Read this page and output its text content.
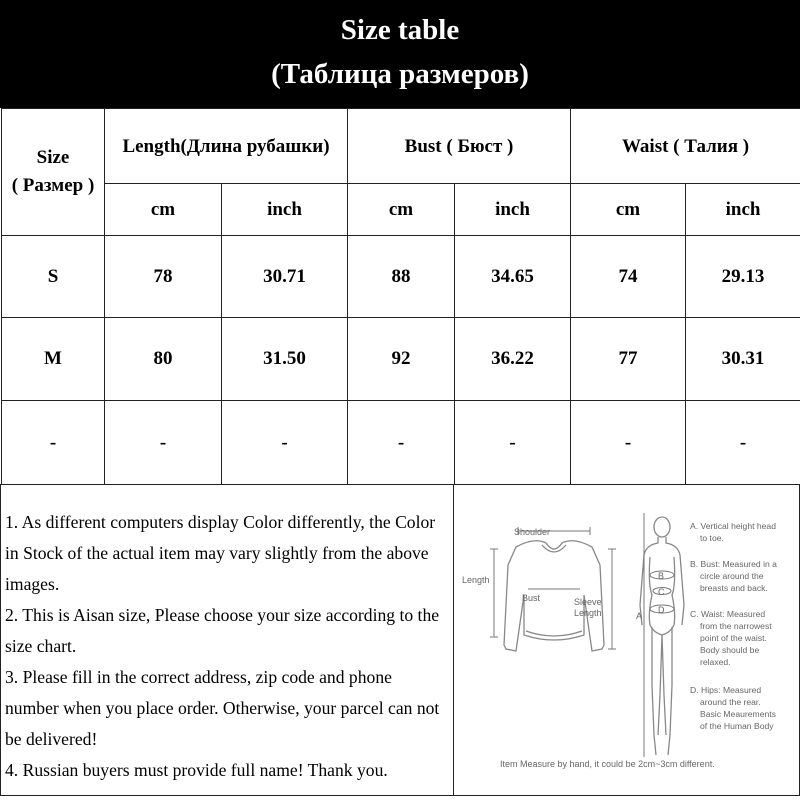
Size table
(Таблица размеров)
Size
( Размер )	Length(Длина рубашки)		Bust ( Бюст )		Waist ( Талия )	
	cm	inch	cm	inch	cm	inch
S	78	30.71	88	34.65	74	29.13
M	80	31.50	92	36.22	77	30.31
-	-	-	-	-	-	-

1. As different computers display Color differently, the Color in Stock of the actual item may vary slightly from the above images.

2. This is Aisan size, Please choose your size according to the size chart.

3. Please fill in the correct address, zip code and phone number when you place order. Otherwise, your parcel can not be delivered!

4. Russian buyers must provide full name! Thank you.

Shoulder
Length
Bust	Sleeve
Length	A
B
C
D
A. Vertical height head
to toe.
B. Bust: Measured in a
circle around the
breasts and back.
C. Waist: Measured
from the narrowest
point of the waist.
Body should be
relaxed.
D. Hips: Measured
around the rear.
Basic Meaurements
of the Human Body
Item Measure by hand, it could be 2cm~3cm different.
